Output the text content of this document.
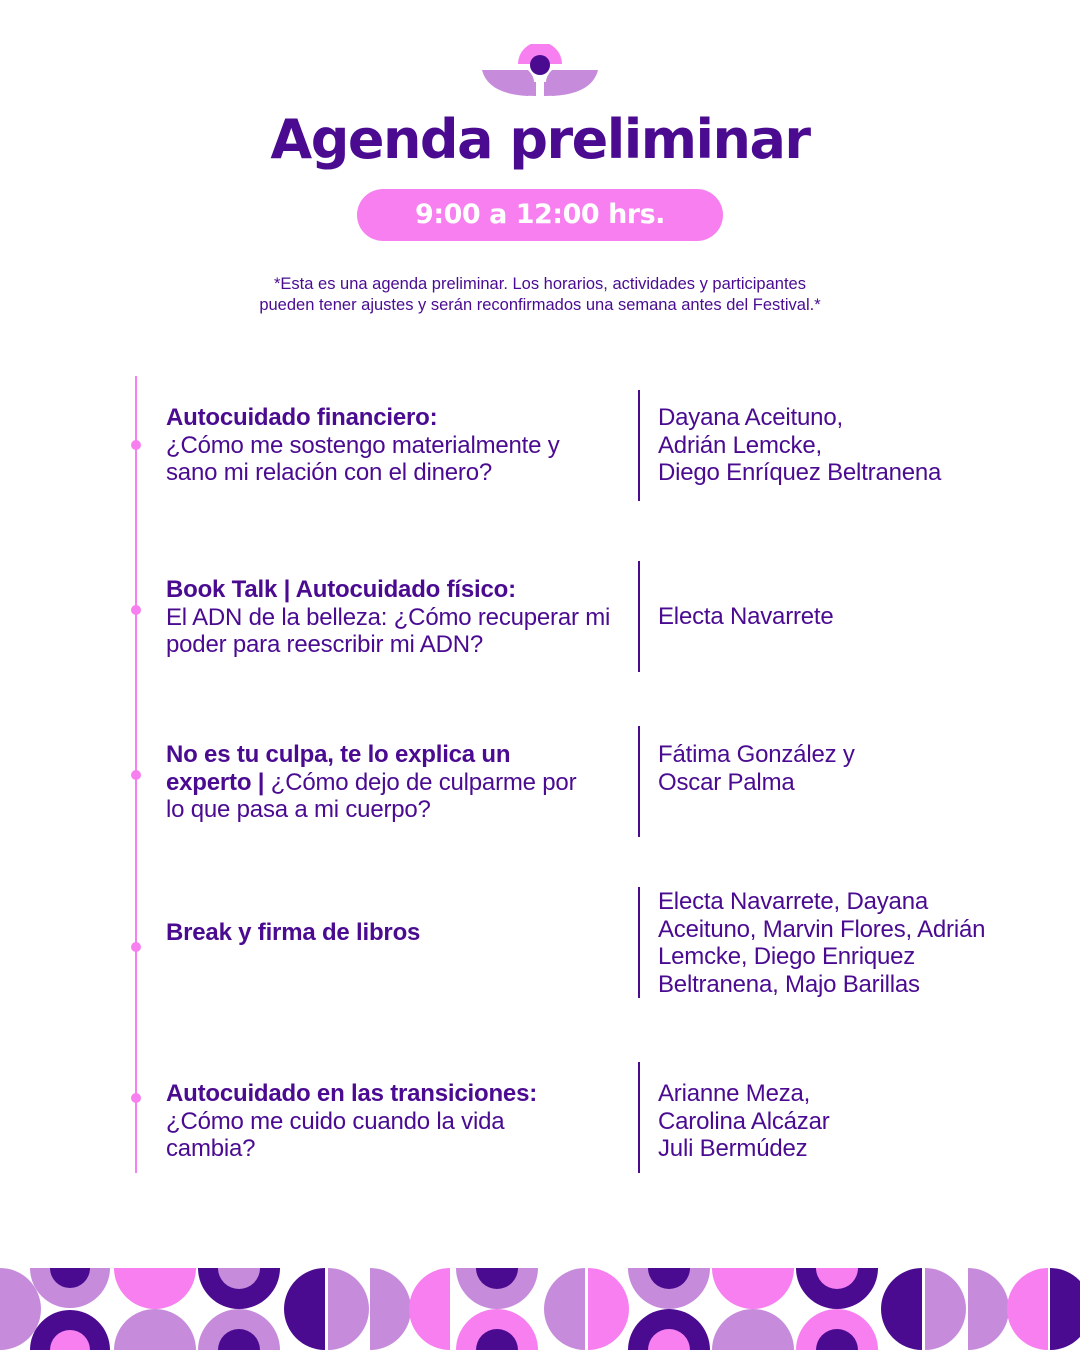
Agenda preliminar
9:00 a 12:00 hrs.
*Esta es una agenda preliminar. Los horarios, actividades y participantes
pueden tener ajustes y serán reconfirmados una semana antes del Festival.*
Autocuidado financiero:
¿Cómo me sostengo materialmente y sano mi relación con el dinero?
Dayana Aceituno,
Adrián Lemcke,
Diego Enríquez Beltranena
Book Talk | Autocuidado físico:
El ADN de la belleza: ¿Cómo recuperar mi poder para reescribir mi ADN?
Electa Navarrete
No es tu culpa, te lo explica un experto | ¿Cómo dejo de culparme por lo que pasa a mi cuerpo?
Fátima González y
Oscar Palma
Break y firma de libros
Electa Navarrete, Dayana
Aceituno, Marvin Flores, Adrián
Lemcke, Diego Enriquez
Beltranena, Majo Barillas
Autocuidado en las transiciones:
¿Cómo me cuido cuando la vida cambia?
Arianne Meza,
Carolina Alcázar
Juli Bermúdez
